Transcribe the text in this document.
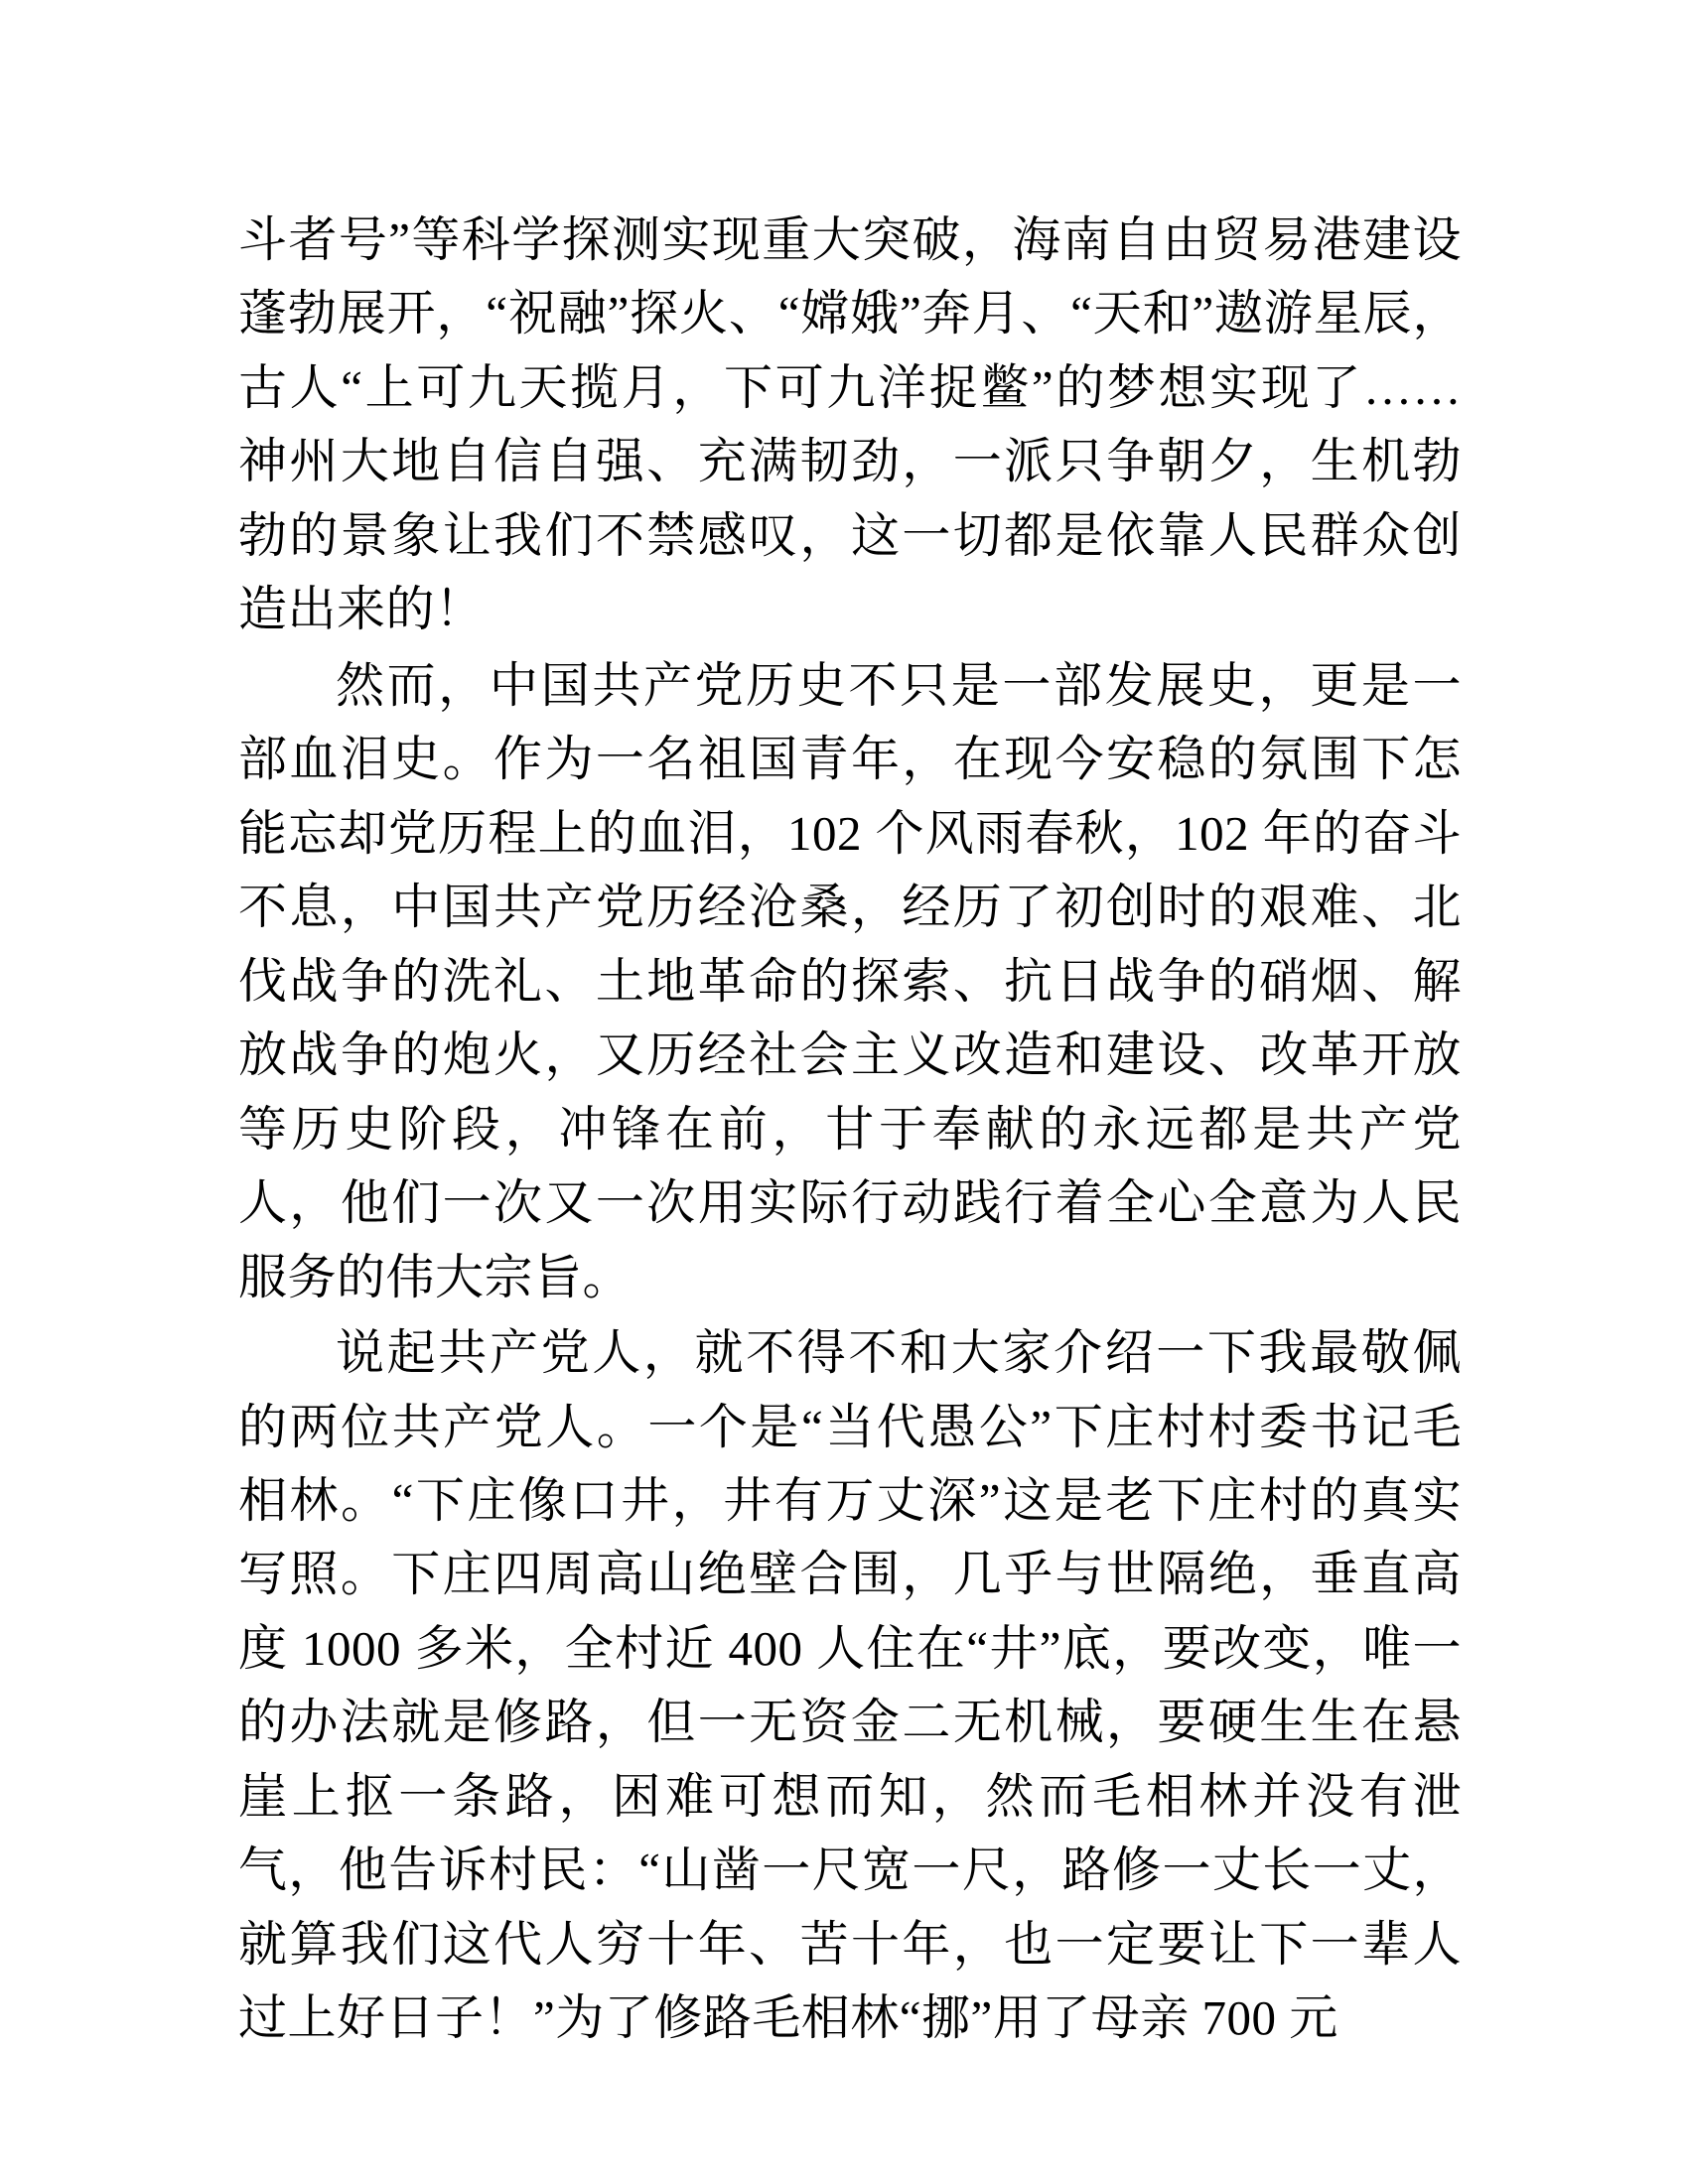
斗者号”等科学探测实现重大突破，海南自由贸易港建设蓬勃展开，“祝融”探火、“嫦娥”奔月、“天和”遨游星辰，古人“上可九天揽月，下可九洋捉鳖”的梦想实现了……神州大地自信自强、充满韧劲，一派只争朝夕，生机勃勃的景象让我们不禁感叹，这一切都是依靠人民群众创造出来的！

然而，中国共产党历史不只是一部发展史，更是一部血泪史。作为一名祖国青年，在现今安稳的氛围下怎能忘却党历程上的血泪，102 个风雨春秋，102 年的奋斗不息，中国共产党历经沧桑，经历了初创时的艰难、北伐战争的洗礼、土地革命的探索、抗日战争的硝烟、解放战争的炮火，又历经社会主义改造和建设、改革开放等历史阶段，冲锋在前，甘于奉献的永远都是共产党人，他们一次又一次用实际行动践行着全心全意为人民服务的伟大宗旨。

说起共产党人，就不得不和大家介绍一下我最敬佩的两位共产党人。一个是“当代愚公”下庄村村委书记毛相林。“下庄像口井，井有万丈深”这是老下庄村的真实写照。下庄四周高山绝壁合围，几乎与世隔绝，垂直高度 1000 多米，全村近 400 人住在“井”底，要改变，唯一的办法就是修路，但一无资金二无机械，要硬生生在悬崖上抠一条路，困难可想而知，然而毛相林并没有泄气，他告诉村民：“山凿一尺宽一尺，路修一丈长一丈，就算我们这代人穷十年、苦十年，也一定要让下一辈人过上好日子！”为了修路毛相林“挪”用了母亲 700 元
